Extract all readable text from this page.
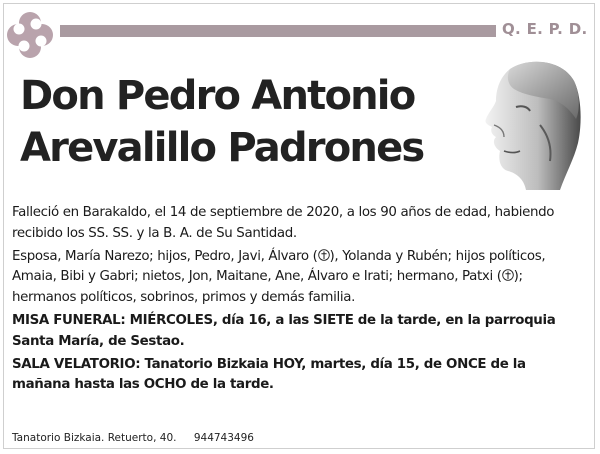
Q. E. P. D.
Don Pedro Antonio
Arevalillo Padrones

Falleció en Barakaldo, el 14 de septiembre de 2020, a los 90 años de edad, habiendo recibido los SS. SS. y la B. A. de Su Santidad.

Esposa, María Narezo; hijos, Pedro, Javi, Álvaro ( ), Yolanda y Rubén; hijos políticos, Amaia, Bibi y Gabri; nietos, Jon, Maitane, Ane, Álvaro e Irati; hermano, Patxi ( ); hermanos políticos, sobrinos, primos y demás familia.

MISA FUNERAL: MIÉRCOLES, día 16, a las SIETE de la tarde, en la parroquia Santa María, de Sestao.

SALA VELATORIO: Tanatorio Bizkaia HOY, martes, día 15, de ONCE de la mañana hasta las OCHO de la tarde.

Tanatorio Bizkaia. Retuerto, 40. 944743496
